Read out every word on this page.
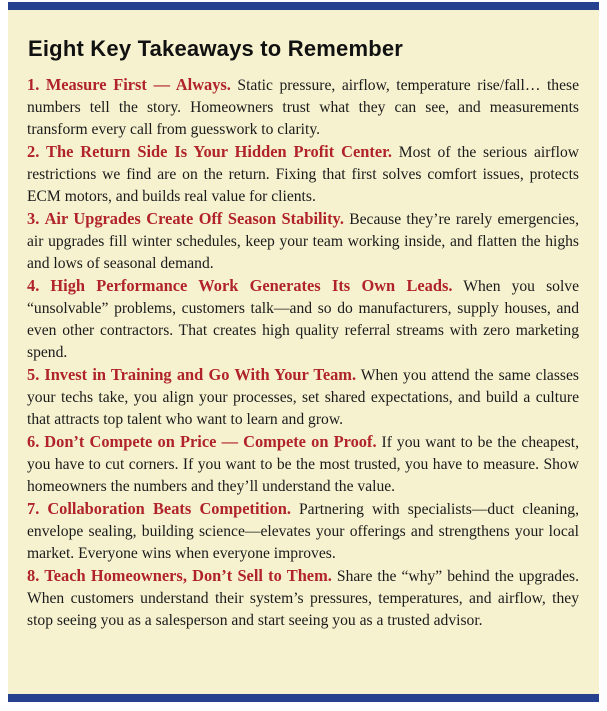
Eight Key Takeaways to Remember

1. Measure First — Always. Static pressure, airflow, temperature rise/fall… these numbers tell the story. Homeowners trust what they can see, and measurements transform every call from guesswork to clarity.

2. The Return Side Is Your Hidden Profit Center. Most of the serious airflow restrictions we find are on the return. Fixing that first solves comfort issues, protects ECM motors, and builds real value for clients.

3. Air Upgrades Create Off Season Stability. Because they’re rarely emergencies, air upgrades fill winter schedules, keep your team working inside, and flatten the highs and lows of seasonal demand.

4. High Performance Work Generates Its Own Leads. When you solve “unsolvable” problems, customers talk—and so do manufacturers, supply houses, and even other contractors. That creates high quality referral streams with zero marketing spend.

5. Invest in Training and Go With Your Team. When you attend the same classes your techs take, you align your processes, set shared expectations, and build a culture that attracts top talent who want to learn and grow.

6. Don’t Compete on Price — Compete on Proof. If you want to be the cheapest, you have to cut corners. If you want to be the most trusted, you have to measure. Show homeowners the numbers and they’ll understand the value.

7. Collaboration Beats Competition. Partnering with specialists—duct cleaning, envelope sealing, building science—elevates your offerings and strengthens your local market. Everyone wins when everyone improves.

8. Teach Homeowners, Don’t Sell to Them. Share the “why” behind the upgrades. When customers understand their system’s pressures, temperatures, and airflow, they stop seeing you as a salesperson and start seeing you as a trusted advisor.
